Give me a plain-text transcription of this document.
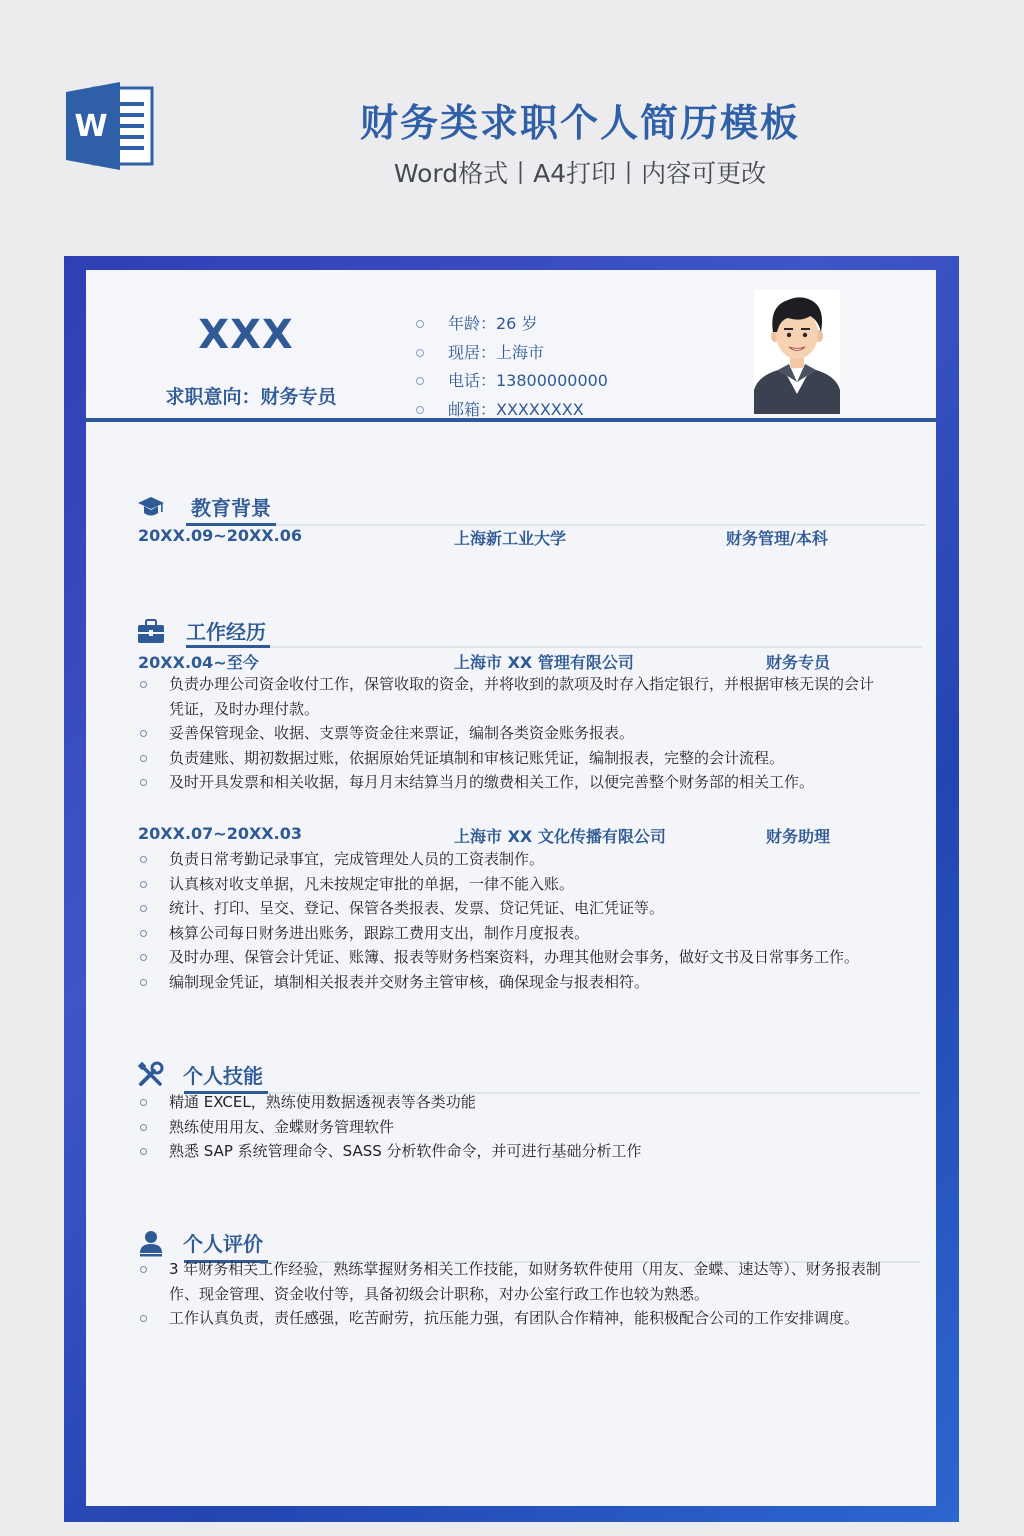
W	财务类求职个人简历模板
Word格式丨A4打印丨内容可更改
XXX
求职意向：财务专员
年龄：26 岁
现居：上海市
电话：13800000000
邮箱：XXXXXXXX
教育背景
20XX.09~20XX.06	上海新工业大学	财务管理/本科
工作经历
20XX.04~至今	上海市 XX 管理有限公司	财务专员
负责办理公司资金收付工作，保管收取的资金，并将收到的款项及时存入指定银行，并根据审核无误的会计凭证，及时办理付款。
妥善保管现金、收据、支票等资金往来票证，编制各类资金账务报表。
负责建账、期初数据过账，依据原始凭证填制和审核记账凭证，编制报表，完整的会计流程。
及时开具发票和相关收据，每月月末结算当月的缴费相关工作，以便完善整个财务部的相关工作。
20XX.07~20XX.03	上海市 XX 文化传播有限公司	财务助理
负责日常考勤记录事宜，完成管理处人员的工资表制作。
认真核对收支单据，凡未按规定审批的单据，一律不能入账。
统计、打印、呈交、登记、保管各类报表、发票、贷记凭证、电汇凭证等。
核算公司每日财务进出账务，跟踪工费用支出，制作月度报表。
及时办理、保管会计凭证、账簿、报表等财务档案资料，办理其他财会事务，做好文书及日常事务工作。
编制现金凭证，填制相关报表并交财务主管审核，确保现金与报表相符。
个人技能
精通 EXCEL，熟练使用数据透视表等各类功能
熟练使用用友、金蝶财务管理软件
熟悉 SAP 系统管理命令、SASS 分析软件命令，并可进行基础分析工作
个人评价
3 年财务相关工作经验，熟练掌握财务相关工作技能，如财务软件使用（用友、金蝶、速达等）、财务报表制作、现金管理、资金收付等，具备初级会计职称，对办公室行政工作也较为熟悉。
工作认真负责，责任感强，吃苦耐劳，抗压能力强，有团队合作精神，能积极配合公司的工作安排调度。
